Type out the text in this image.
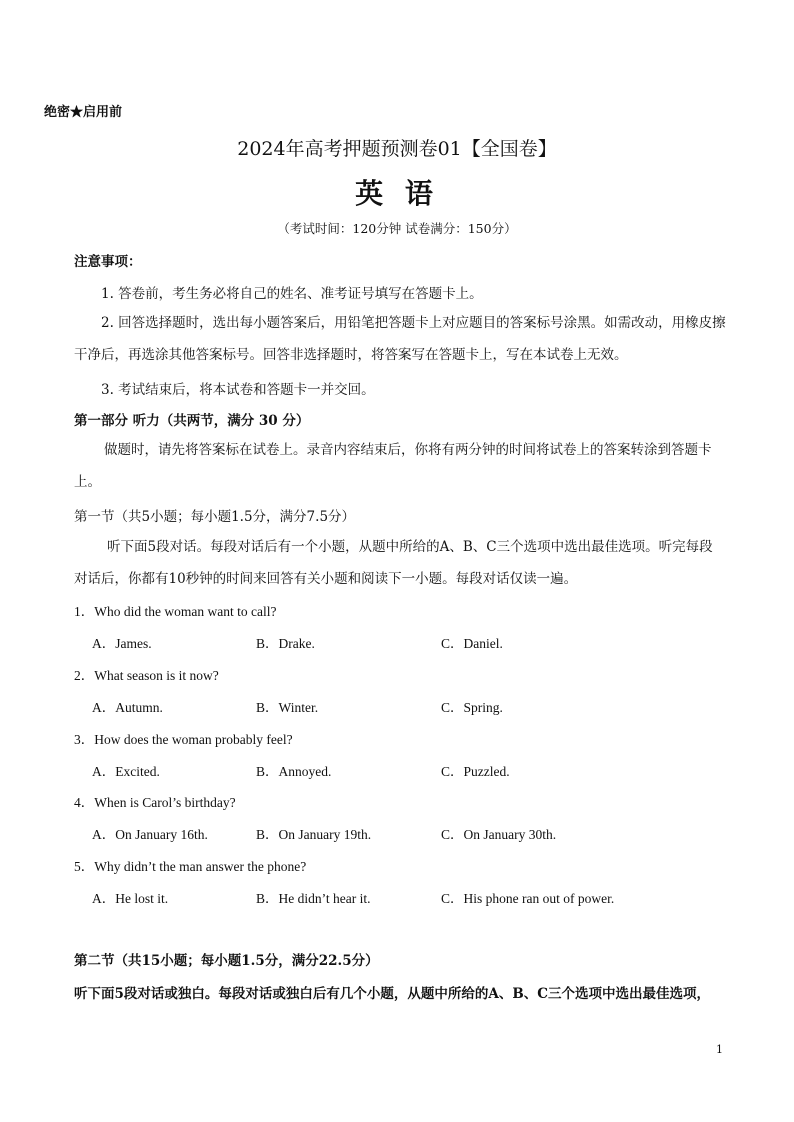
绝密★启用前
2024年高考押题预测卷01【全国卷】
英 语
（考试时间：120分钟 试卷满分：150分）
注意事项：
1. 答卷前，考生务必将自己的姓名、准考证号填写在答题卡上。
2. 回答选择题时，选出每小题答案后，用铅笔把答题卡上对应题目的答案标号涂黑。如需改动，用橡皮擦干净后，再选涂其他答案标号。回答非选择题时，将答案写在答题卡上，写在本试卷上无效。
3. 考试结束后，将本试卷和答题卡一并交回。
第一部分 听力（共两节，满分 30 分）
做题时，请先将答案标在试卷上。录音内容结束后，你将有两分钟的时间将试卷上的答案转涂到答题卡上。
第一节（共5小题；每小题1.5分，满分7.5分）
听下面5段对话。每段对话后有一个小题，从题中所给的A、B、C三个选项中选出最佳选项。听完每段对话后，你都有10秒钟的时间来回答有关小题和阅读下一小题。每段对话仅读一遍。
1．Who did the woman want to call?
A．James.	B．Drake.	C．Daniel.
2．What season is it now?
A．Autumn.	B．Winter.	C．Spring.
3．How does the woman probably feel?
A．Excited.	B．Annoyed.	C．Puzzled.
4．When is Carol’s birthday?
A．On January 16th.	B．On January 19th.	C．On January 30th.
5．Why didn’t the man answer the phone?
A．He lost it.	B．He didn’t hear it.	C．His phone ran out of power.
第二节（共15小题；每小题1.5分，满分22.5分）
听下面5段对话或独白。每段对话或独白后有几个小题，从题中所给的A、B、C三个选项中选出最佳选项，
1
